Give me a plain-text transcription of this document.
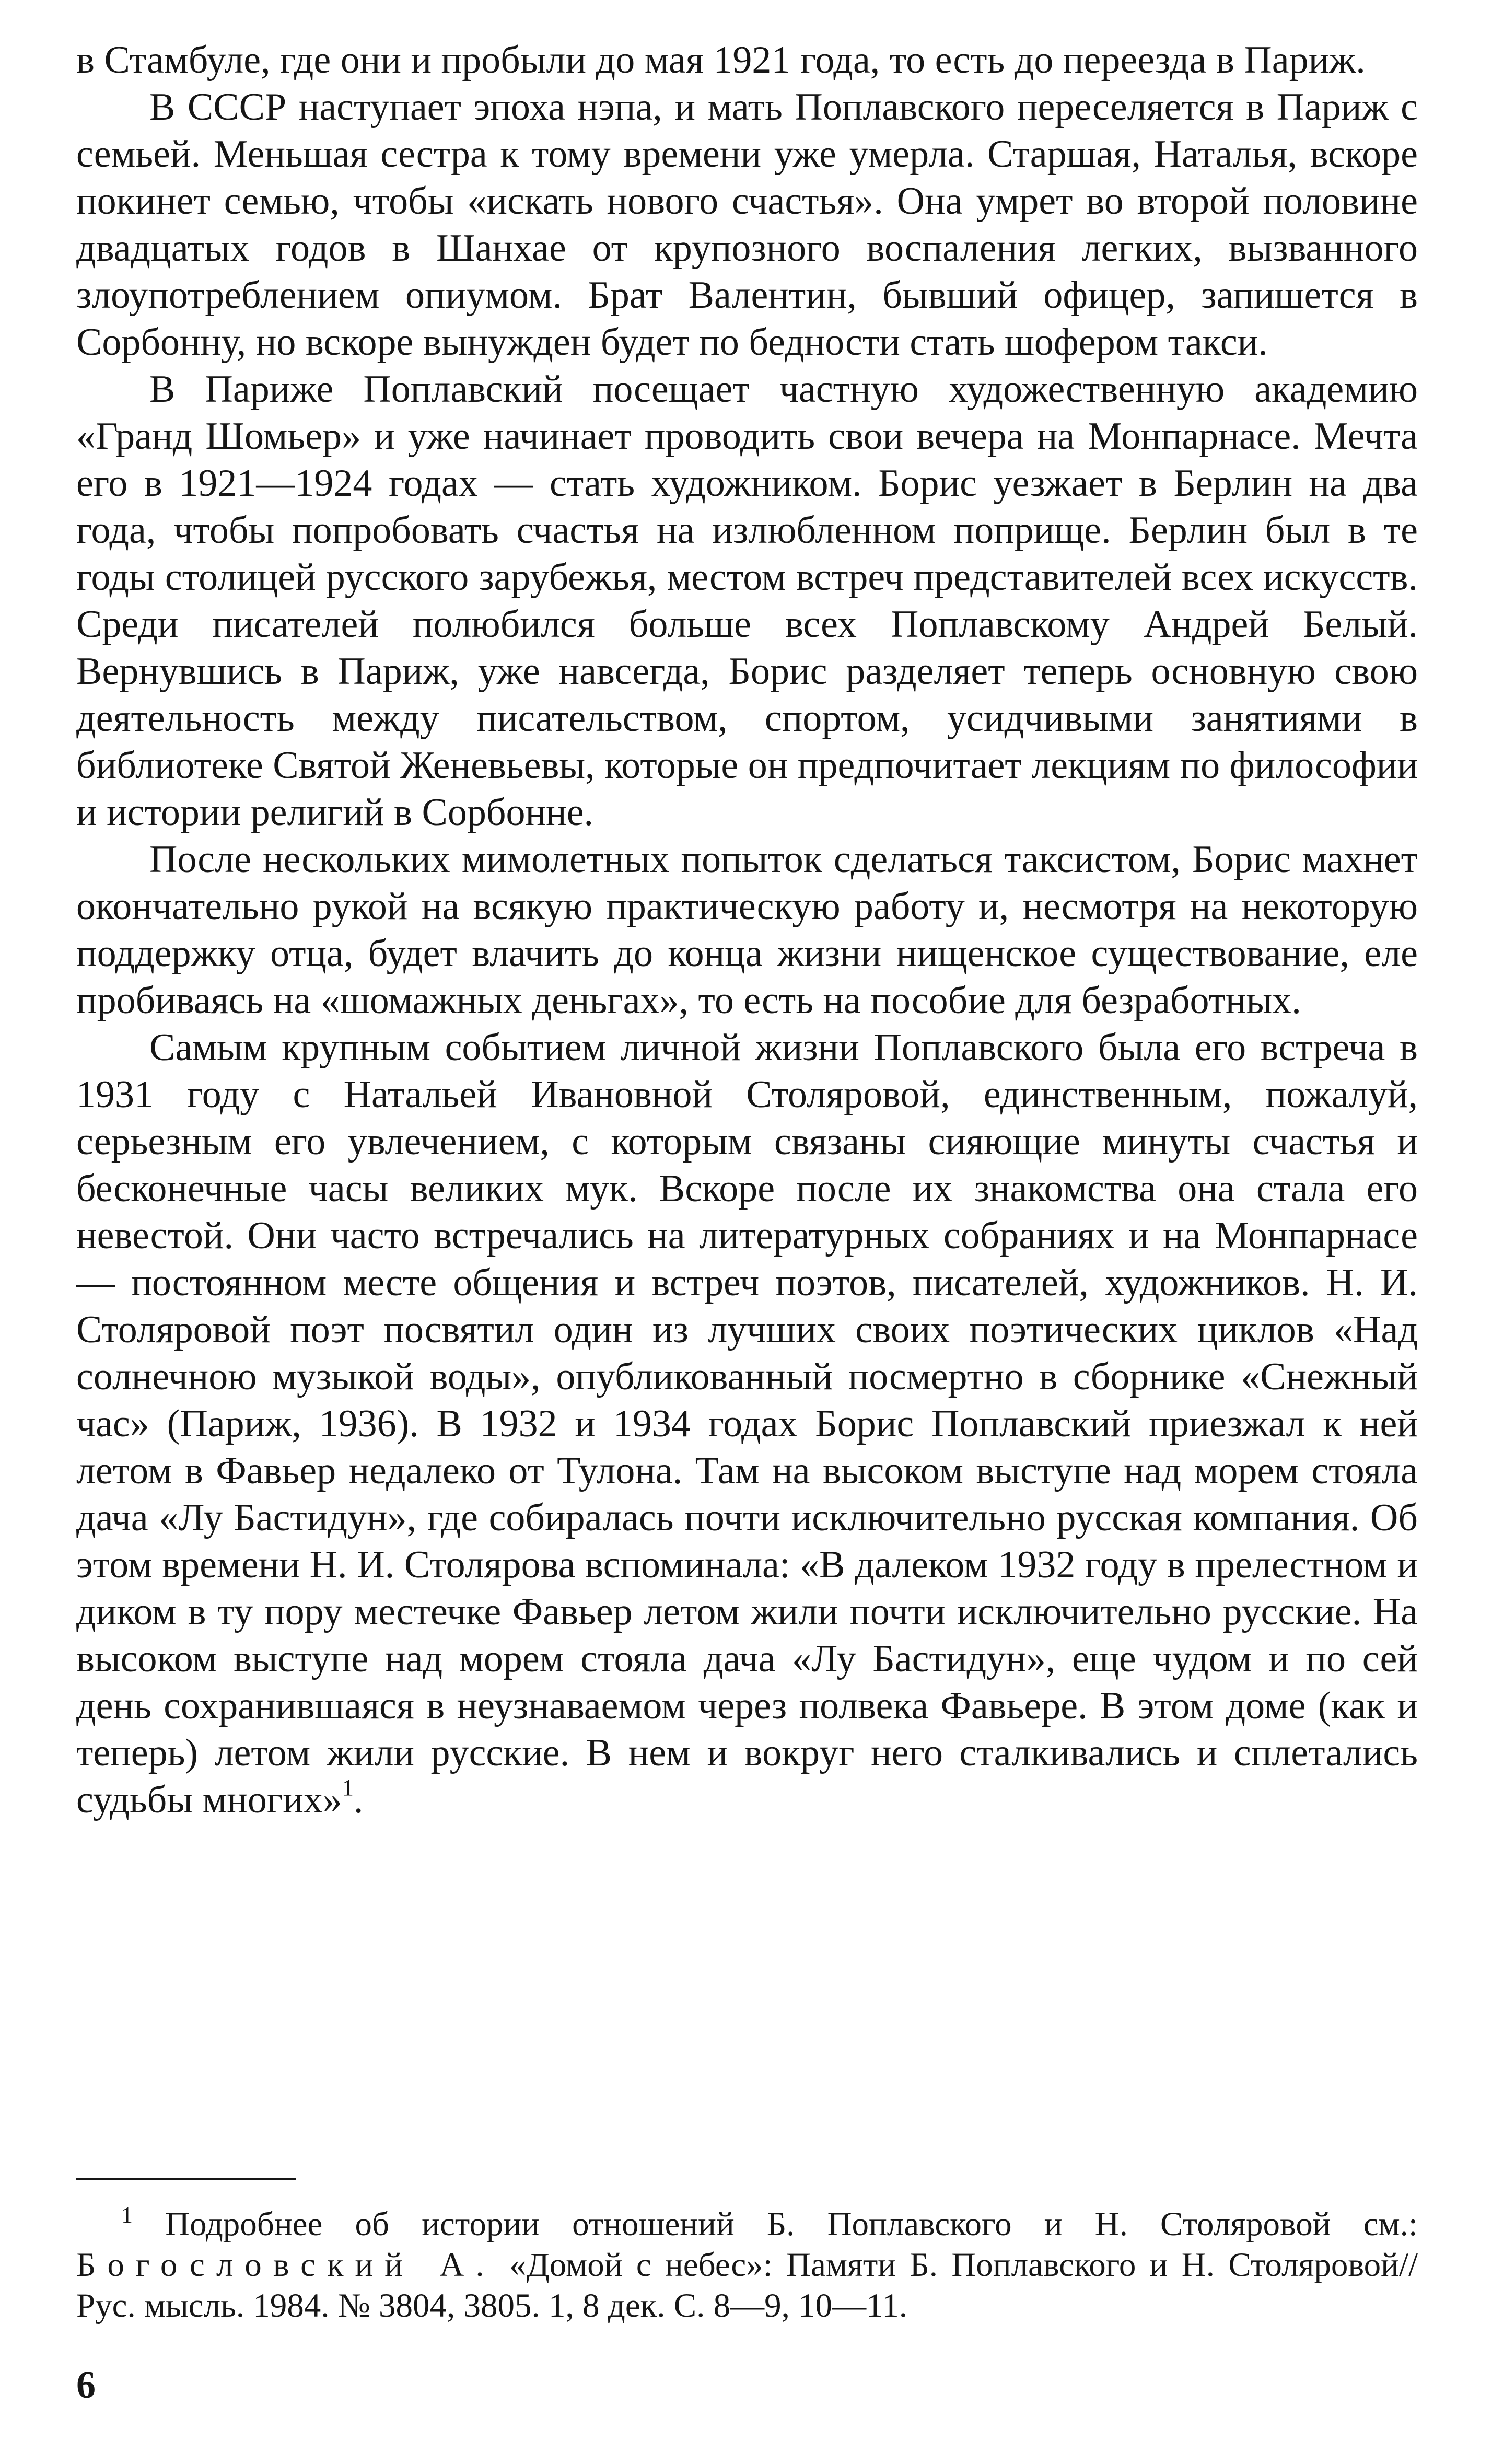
в Стамбуле, где они и пробыли до мая 1921 года, то есть до переезда в Париж.

В СССР наступает эпоха нэпа, и мать Поплавского переселяется в Париж с семьей. Меньшая сестра к тому времени уже умерла. Старшая, Наталья, вскоре покинет семью, чтобы «искать нового счастья». Она умрет во второй половине двадцатых годов в Шанхае от крупозного воспаления легких, вызванного злоупотреблением опиумом. Брат Валентин, бывший офицер, запишется в Сорбонну, но вскоре вынужден будет по бедности стать шофером такси.

В Париже Поплавский посещает частную художественную академию «Гранд Шомьер» и уже начинает проводить свои вечера на Монпарнасе. Мечта его в 1921—1924 годах — стать художником. Борис уезжает в Берлин на два года, чтобы попробовать счастья на излюбленном поприще. Берлин был в те годы столицей русского зарубежья, местом встреч представителей всех искусств. Среди писателей полюбился больше всех Поплавскому Андрей Белый. Вернувшись в Париж, уже навсегда, Борис разделяет теперь основную свою деятельность между писательством, спортом, усидчивыми занятиями в библиотеке Святой Женевьевы, которые он предпочитает лекциям по философии и истории религий в Сорбонне.

После нескольких мимолетных попыток сделаться таксистом, Борис махнет окончательно рукой на всякую практическую работу и, несмотря на некоторую поддержку отца, будет влачить до конца жизни нищенское существование, еле пробиваясь на «шомажных деньгах», то есть на пособие для безработных.

Самым крупным событием личной жизни Поплавского была его встреча в 1931 году с Натальей Ивановной Столяровой, единственным, пожалуй, серьезным его увлечением, с которым связаны сияющие минуты счастья и бесконечные часы великих мук. Вскоре после их знакомства она стала его невестой. Они часто встречались на литературных собраниях и на Монпарнасе — постоянном месте общения и встреч поэтов, писателей, художников. Н. И. Столяровой поэт посвятил один из лучших своих поэтических циклов «Над солнечною музыкой воды», опубликованный посмертно в сборнике «Снежный час» (Париж, 1936). В 1932 и 1934 годах Борис Поплавский приезжал к ней летом в Фавьер недалеко от Тулона. Там на высоком выступе над морем стояла дача «Лу Бастидун», где собиралась почти исключительно русская компания. Об этом времени Н. И. Столярова вспоминала: «В далеком 1932 году в прелестном и диком в ту пору местечке Фавьер летом жили почти исключительно русские. На высоком выступе над морем стояла дача «Лу Бастидун», еще чудом и по сей день сохранившаяся в неузнаваемом через полвека Фавьере. В этом доме (как и теперь) летом жили русские. В нем и вокруг него сталкивались и сплетались судьбы многих»$^1$.

$^1$ Подробнее об истории отношений Б. Поплавского и Н. Столяровой см.: Богословский А. «Домой с небес»: Памяти Б. Поплавского и Н. Столяровой//Рус. мысль. 1984. № 3804, 3805. 1, 8 дек. С. 8—9, 10—11.

6
